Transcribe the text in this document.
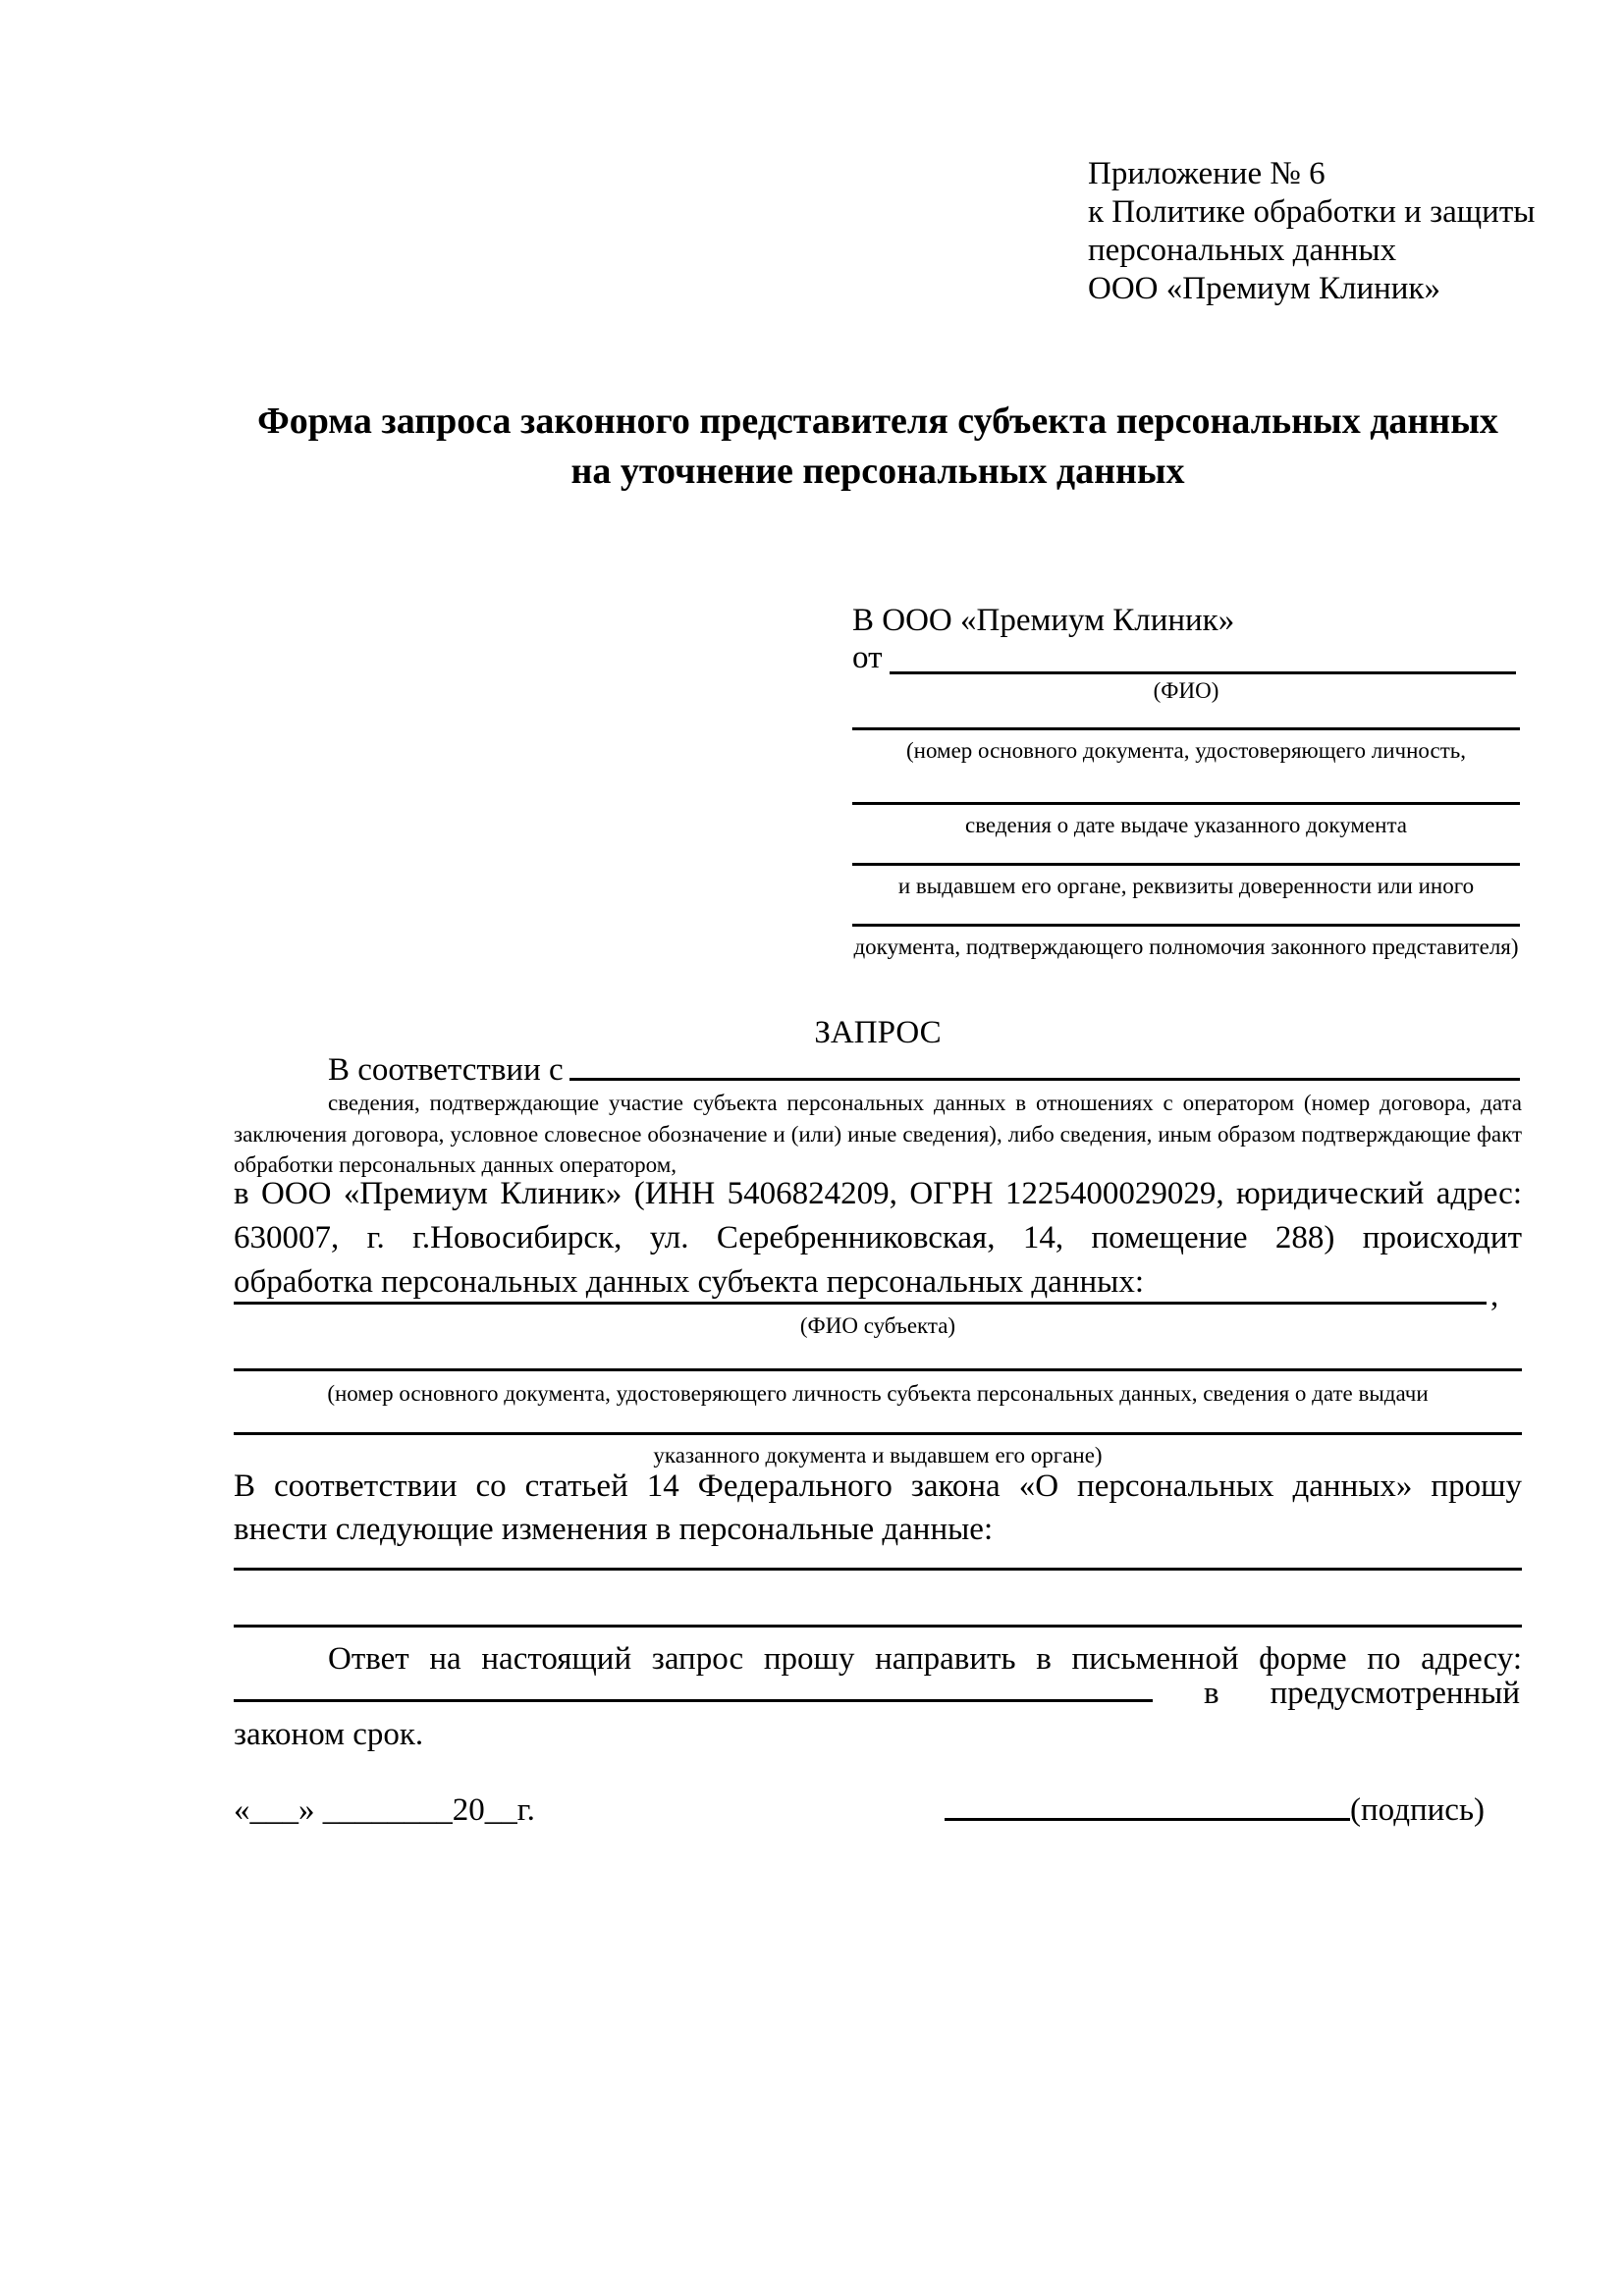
Приложение № 6
к Политике обработки и защиты
персональных данных
ООО «Премиум Клиник»
Форма запроса законного представителя субъекта персональных данных
на уточнение персональных данных
В ООО «Премиум Клиник»
от
(ФИО)
(номер основного документа, удостоверяющего личность,
сведения о дате выдаче указанного документа
и выдавшем его органе, реквизиты доверенности или иного
документа, подтверждающего полномочия законного представителя)
ЗАПРОС
В соответствии с
сведения, подтверждающие участие субъекта персональных данных в отношениях с оператором (номер договора, дата
заключения договора, условное словесное обозначение и (или) иные сведения), либо сведения, иным образом подтверждающие факт
обработки персональных данных оператором,
в ООО «Премиум Клиник» (ИНН 5406824209, ОГРН 1225400029029, юридический адрес:
630007, г. г.Новосибирск, ул. Серебренниковская, 14, помещение 288) происходит
обработка персональных данных субъекта персональных данных:	,
(ФИО субъекта)
(номер основного документа, удостоверяющего личность субъекта персональных данных, сведения о дате выдачи
указанного документа и выдавшем его органе)
В соответствии со статьей 14 Федерального закона «О персональных данных» прошу
внести следующие изменения в персональные данные:
Ответ на настоящий запрос прошу направить в письменной форме по адресу:
в	предусмотренный
законом срок.
«___» ________20__г.	(подпись)
